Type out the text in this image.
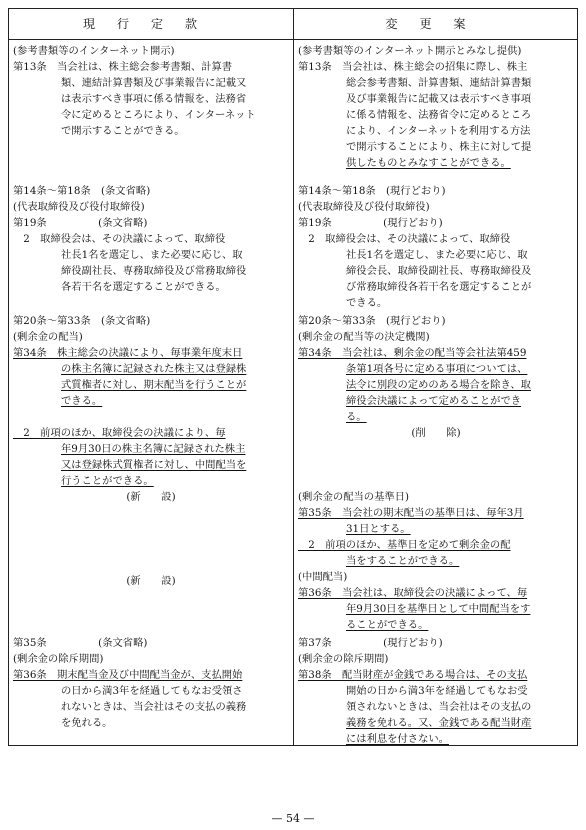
現行定款	変更案
(参考書類等のインターネット開示)
第13条　当会社は、株主総会参考書類、計算書
類、連結計算書類及び事業報告に記載又
は表示すべき事項に係る情報を、法務省
令に定めるところにより、インターネット
で開示することができる。
第14条〜第18条　(条文省略)
(代表取締役及び役付取締役)
第19条　　　　　(条文省略)
　2　取締役会は、その決議によって、取締役
社長1名を選定し、また必要に応じ、取
締役副社長、専務取締役及び常務取締役
各若干名を選定することができる。
第20条〜第33条　(条文省略)
(剰余金の配当)
第34条　株主総会の決議により、毎事業年度末日
の株主名簿に記録された株主又は登録株
式質権者に対し、期末配当を行うことが
できる。
　2　前項のほか、取締役会の決議により、毎
年9月30日の株主名簿に記録された株主
又は登録株式質権者に対し、中間配当を
行うことができる。
(新　　設)
(新　　設)
第35条　　　　　(条文省略)
(剰余金の除斥期間)
第36条　期末配当金及び中間配当金が、支払開始
の日から満3年を経過してもなお受領さ
れないときは、当会社はその支払の義務
を免れる。
(参考書類等のインターネット開示とみなし提供)
第13条　当会社は、株主総会の招集に際し、株主
総会参考書類、計算書類、連結計算書類
及び事業報告に記載又は表示すべき事項
に係る情報を、法務省令に定めるところ
により、インターネットを利用する方法
で開示することにより、株主に対して提
供したものとみなすことができる。
第14条〜第18条　(現行どおり)
(代表取締役及び役付取締役)
第19条　　　　　(現行どおり)
　2　取締役会は、その決議によって、取締役
社長1名を選定し、また必要に応じ、取
締役会長、取締役副社長、専務取締役及
び常務取締役各若干名を選定することが
できる。
第20条〜第33条　(現行どおり)
(剰余金の配当等の決定機関)
第34条　当会社は、剰余金の配当等会社法第459
条第1項各号に定める事項については、
法令に別段の定めのある場合を除き、取
締役会決議によって定めることができ
る。
(削　　除)
(剰余金の配当の基準日)
第35条　当会社の期末配当の基準日は、毎年3月
31日とする。
　2　前項のほか、基準日を定めて剰余金の配
当をすることができる。
(中間配当)
第36条　当会社は、取締役会の決議によって、毎
年9月30日を基準日として中間配当をす
ることができる。
第37条　　　　　(現行どおり)
(剰余金の除斥期間)
第38条　配当財産が金銭である場合は、その支払
開始の日から満3年を経過してもなお受
領されないときは、当会社はその支払の
義務を免れる。又、金銭である配当財産
には利息を付さない。
— 54 —
